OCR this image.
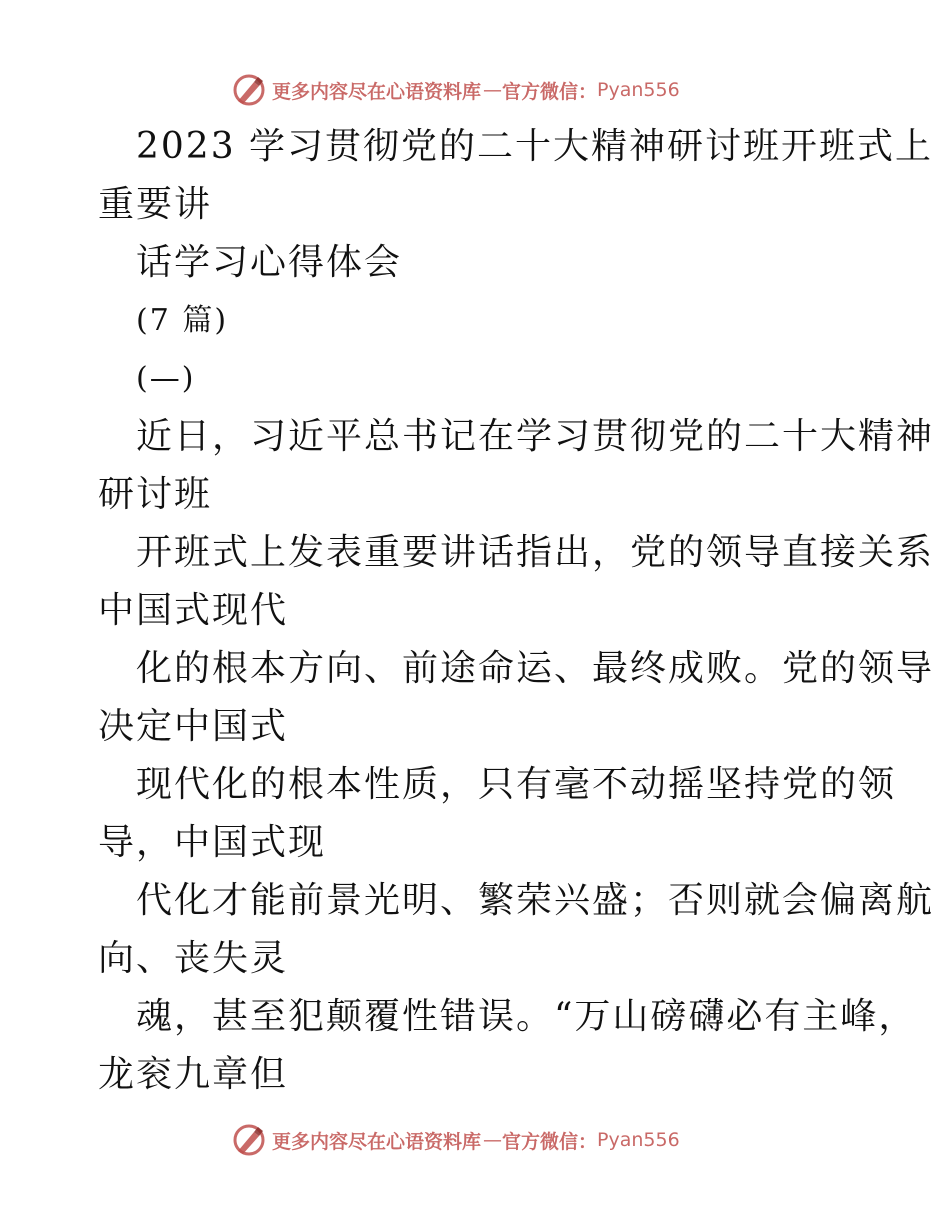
更多内容尽在心语资料库 — 官方微信： Pyan556
2023 学习贯彻党的二十大精神研讨班开班式上
重要讲
话学习心得体会
(7 篇)
(—)
近日，习近平总书记在学习贯彻党的二十大精神
研讨班
开班式上发表重要讲话指出，党的领导直接关系
中国式现代
化的根本方向、前途命运、最终成败。党的领导
决定中国式
现代化的根本性质，只有毫不动摇坚持党的领
导，中国式现
代化才能前景光明、繁荣兴盛；否则就会偏离航
向、丧失灵
魂，甚至犯颠覆性错误。“万山磅礴必有主峰，
龙衮九章但
更多内容尽在心语资料库 — 官方微信： Pyan556
